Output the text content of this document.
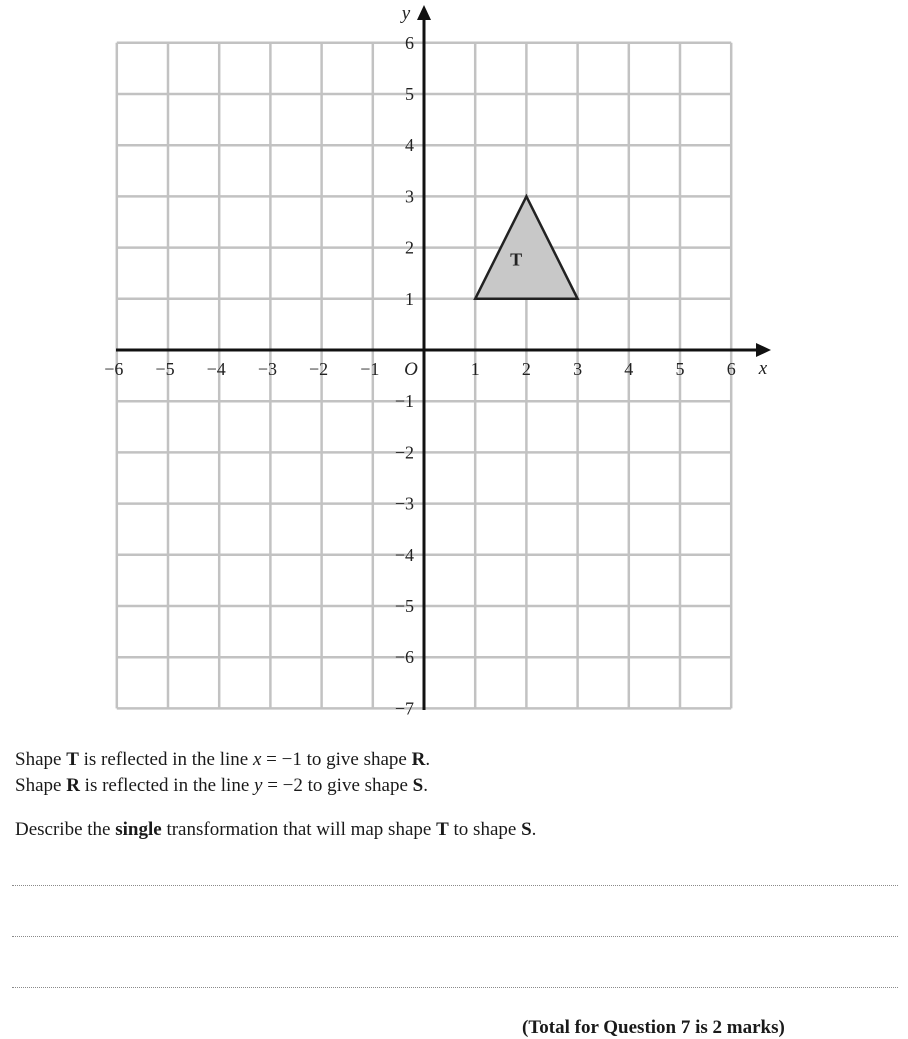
T
O	x
y
−6 −5 −4 −3 −2 −1	1 2 3 4 5 6
6
5
4
3
2
1
−1
−2
−3
−4
−5
−6
−7
Shape T is reflected in the line x = −1 to give shape R.
Shape R is reflected in the line y = −2 to give shape S.
Describe the single transformation that will map shape T to shape S.
(Total for Question 7 is 2 marks)
